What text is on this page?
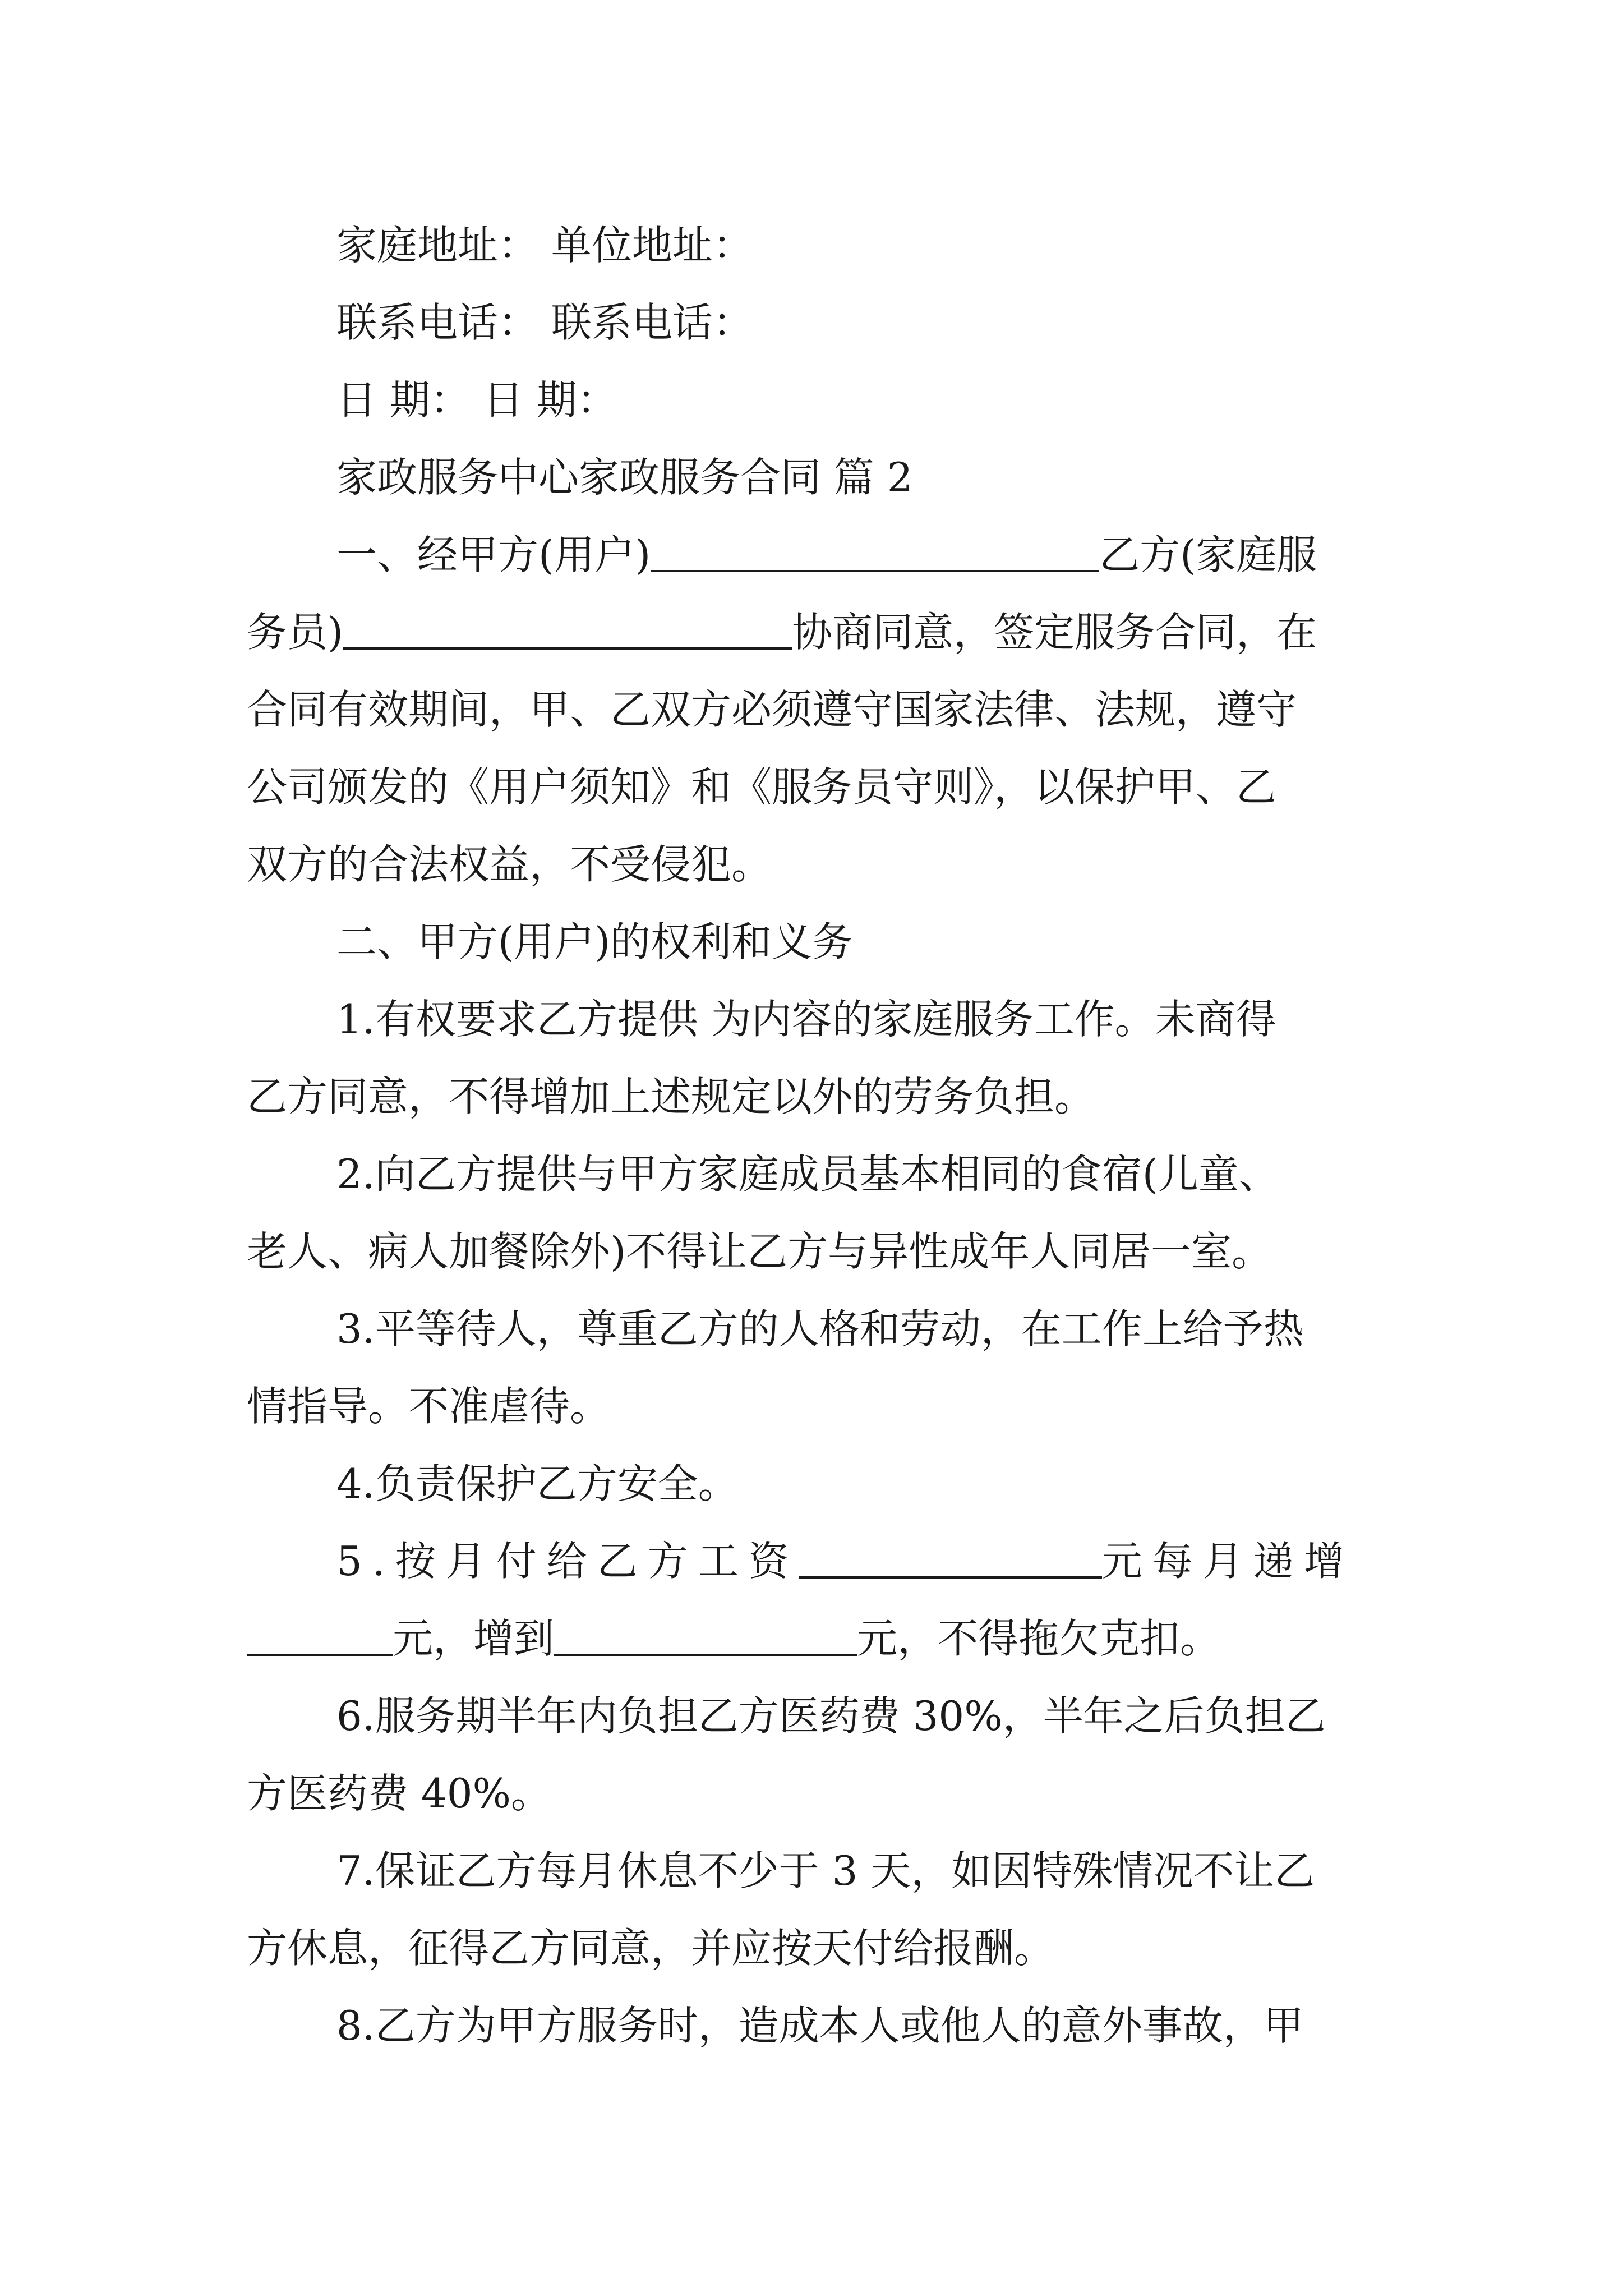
家庭地址： 单位地址：
联系电话： 联系电话：
日 期： 日 期：
家政服务中心家政服务合同 篇 2
一、经甲方(用户)	乙方(家庭服
务员)	协商同意，签定服务合同，在
合同有效期间，甲、乙双方必须遵守国家法律、法规，遵守
公司颁发的《用户须知》和《服务员守则》，以保护甲、乙
双方的合法权益，不受侵犯。
二、甲方(用户)的权利和义务
1.有权要求乙方提供 为内容的家庭服务工作。未商得
乙方同意，不得增加上述规定以外的劳务负担。
2.向乙方提供与甲方家庭成员基本相同的食宿(儿童、
老人、病人加餐除外)不得让乙方与异性成年人同居一室。
3.平等待人，尊重乙方的人格和劳动，在工作上给予热
情指导。不准虐待。
4.负责保护乙方安全。
5.按月付给乙方工资	元每月递增
元，增到	元，不得拖欠克扣。
6.服务期半年内负担乙方医药费 30%，半年之后负担乙
方医药费 40%。
7.保证乙方每月休息不少于 3 天，如因特殊情况不让乙
方休息，征得乙方同意，并应按天付给报酬。
8.乙方为甲方服务时，造成本人或他人的意外事故，甲
